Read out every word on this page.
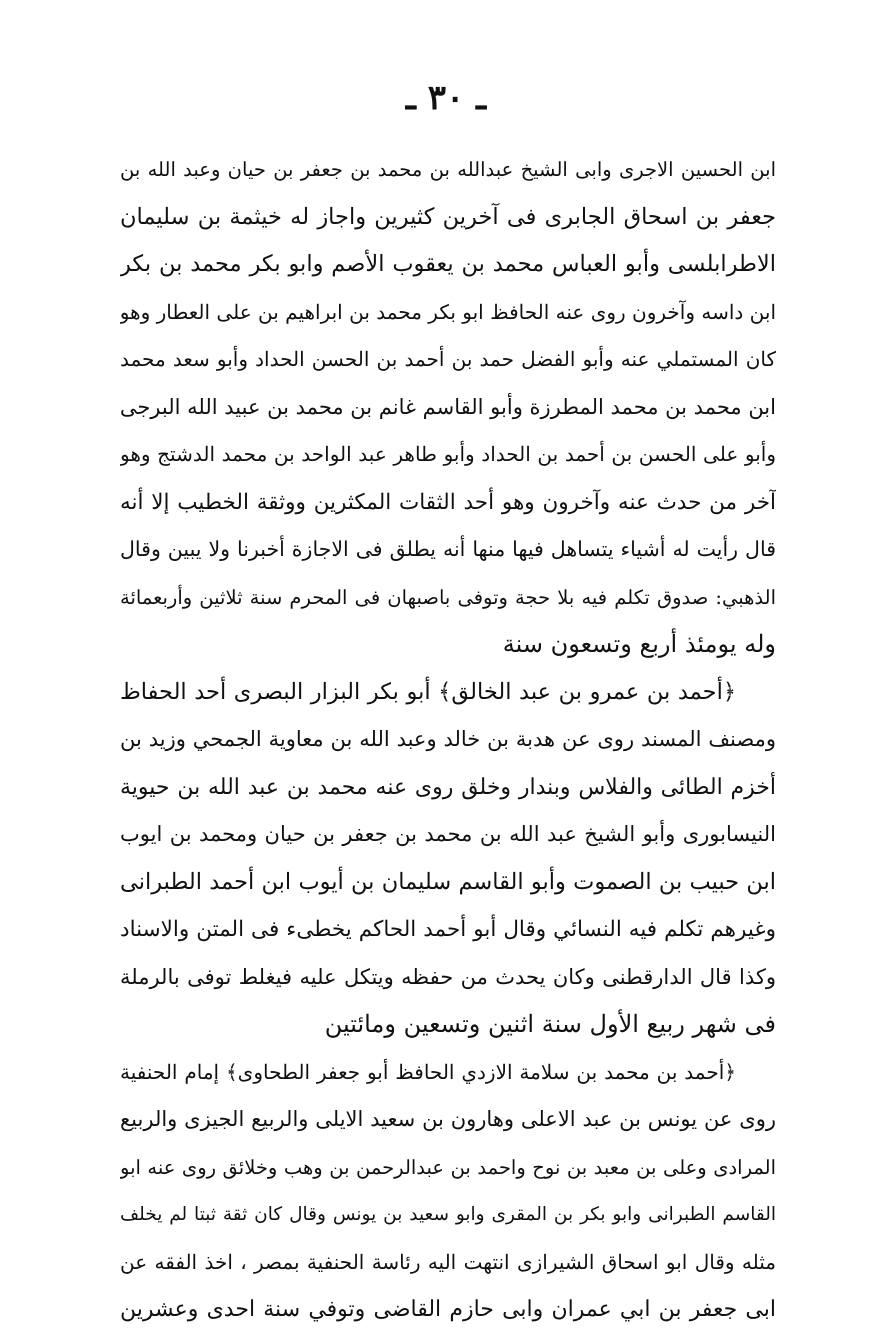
ـ ٣٠ ـ
ابن الحسين الاجرى وابى الشيخ عبدالله بن محمد بن جعفر بن حيان وعبد الله بن
جعفر بن اسحاق الجابرى فى آخرين كثيرين واجاز له خيثمة بن سليمان
الاطرابلسى وأبو العباس محمد بن يعقوب الأصم وابو بكر محمد بن بكر
ابن داسه وآخرون روى عنه الحافظ ابو بكر محمد بن ابراهيم بن على العطار وهو
كان المستملي عنه وأبو الفضل حمد بن أحمد بن الحسن الحداد وأبو سعد محمد
ابن محمد بن محمد المطرزة وأبو القاسم غانم بن محمد بن عبيد الله البرجى
وأبو على الحسن بن أحمد بن الحداد وأبو طاهر عبد الواحد بن محمد الدشتج وهو
آخر من حدث عنه وآخرون وهو أحد الثقات المكثرين ووثقة الخطيب إلا أنه
قال رأيت له أشياء يتساهل فيها منها أنه يطلق فى الاجازة أخبرنا ولا يبين وقال
الذهبي: صدوق تكلم فيه بلا حجة وتوفى باصبهان فى المحرم سنة ثلاثين وأربعمائة
وله يومئذ أربع وتسعون سنة
﴿أحمد بن عمرو بن عبد الخالق﴾ أبو بكر البزار البصرى أحد الحفاظ
ومصنف المسند روى عن هدبة بن خالد وعبد الله بن معاوية الجمحي وزيد بن
أخزم الطائى والفلاس وبندار وخلق روى عنه محمد بن عبد الله بن حيوية
النيسابورى وأبو الشيخ عبد الله بن محمد بن جعفر بن حيان ومحمد بن ايوب
ابن حبيب بن الصموت وأبو القاسم سليمان بن أيوب ابن أحمد الطبرانى
وغيرهم تكلم فيه النسائي وقال أبو أحمد الحاكم يخطىء فى المتن والاسناد
وكذا قال الدارقطنى وكان يحدث من حفظه ويتكل عليه فيغلط توفى بالرملة
فى شهر ربيع الأول سنة اثنين وتسعين ومائتين
﴿أحمد بن محمد بن سلامة الازدي الحافظ أبو جعفر الطحاوى﴾ إمام الحنفية
روى عن يونس بن عبد الاعلى وهارون بن سعيد الايلى والربيع الجيزى والربيع
المرادى وعلى بن معبد بن نوح واحمد بن عبدالرحمن بن وهب وخلائق روى عنه ابو
القاسم الطبرانى وابو بكر بن المقرى وابو سعيد بن يونس وقال كان ثقة ثبتا لم يخلف
مثله وقال ابو اسحاق الشيرازى انتهت اليه رئاسة الحنفية بمصر ، اخذ الفقه عن
ابى جعفر بن ابي عمران وابى حازم القاضى وتوفي سنة احدى وعشرين
